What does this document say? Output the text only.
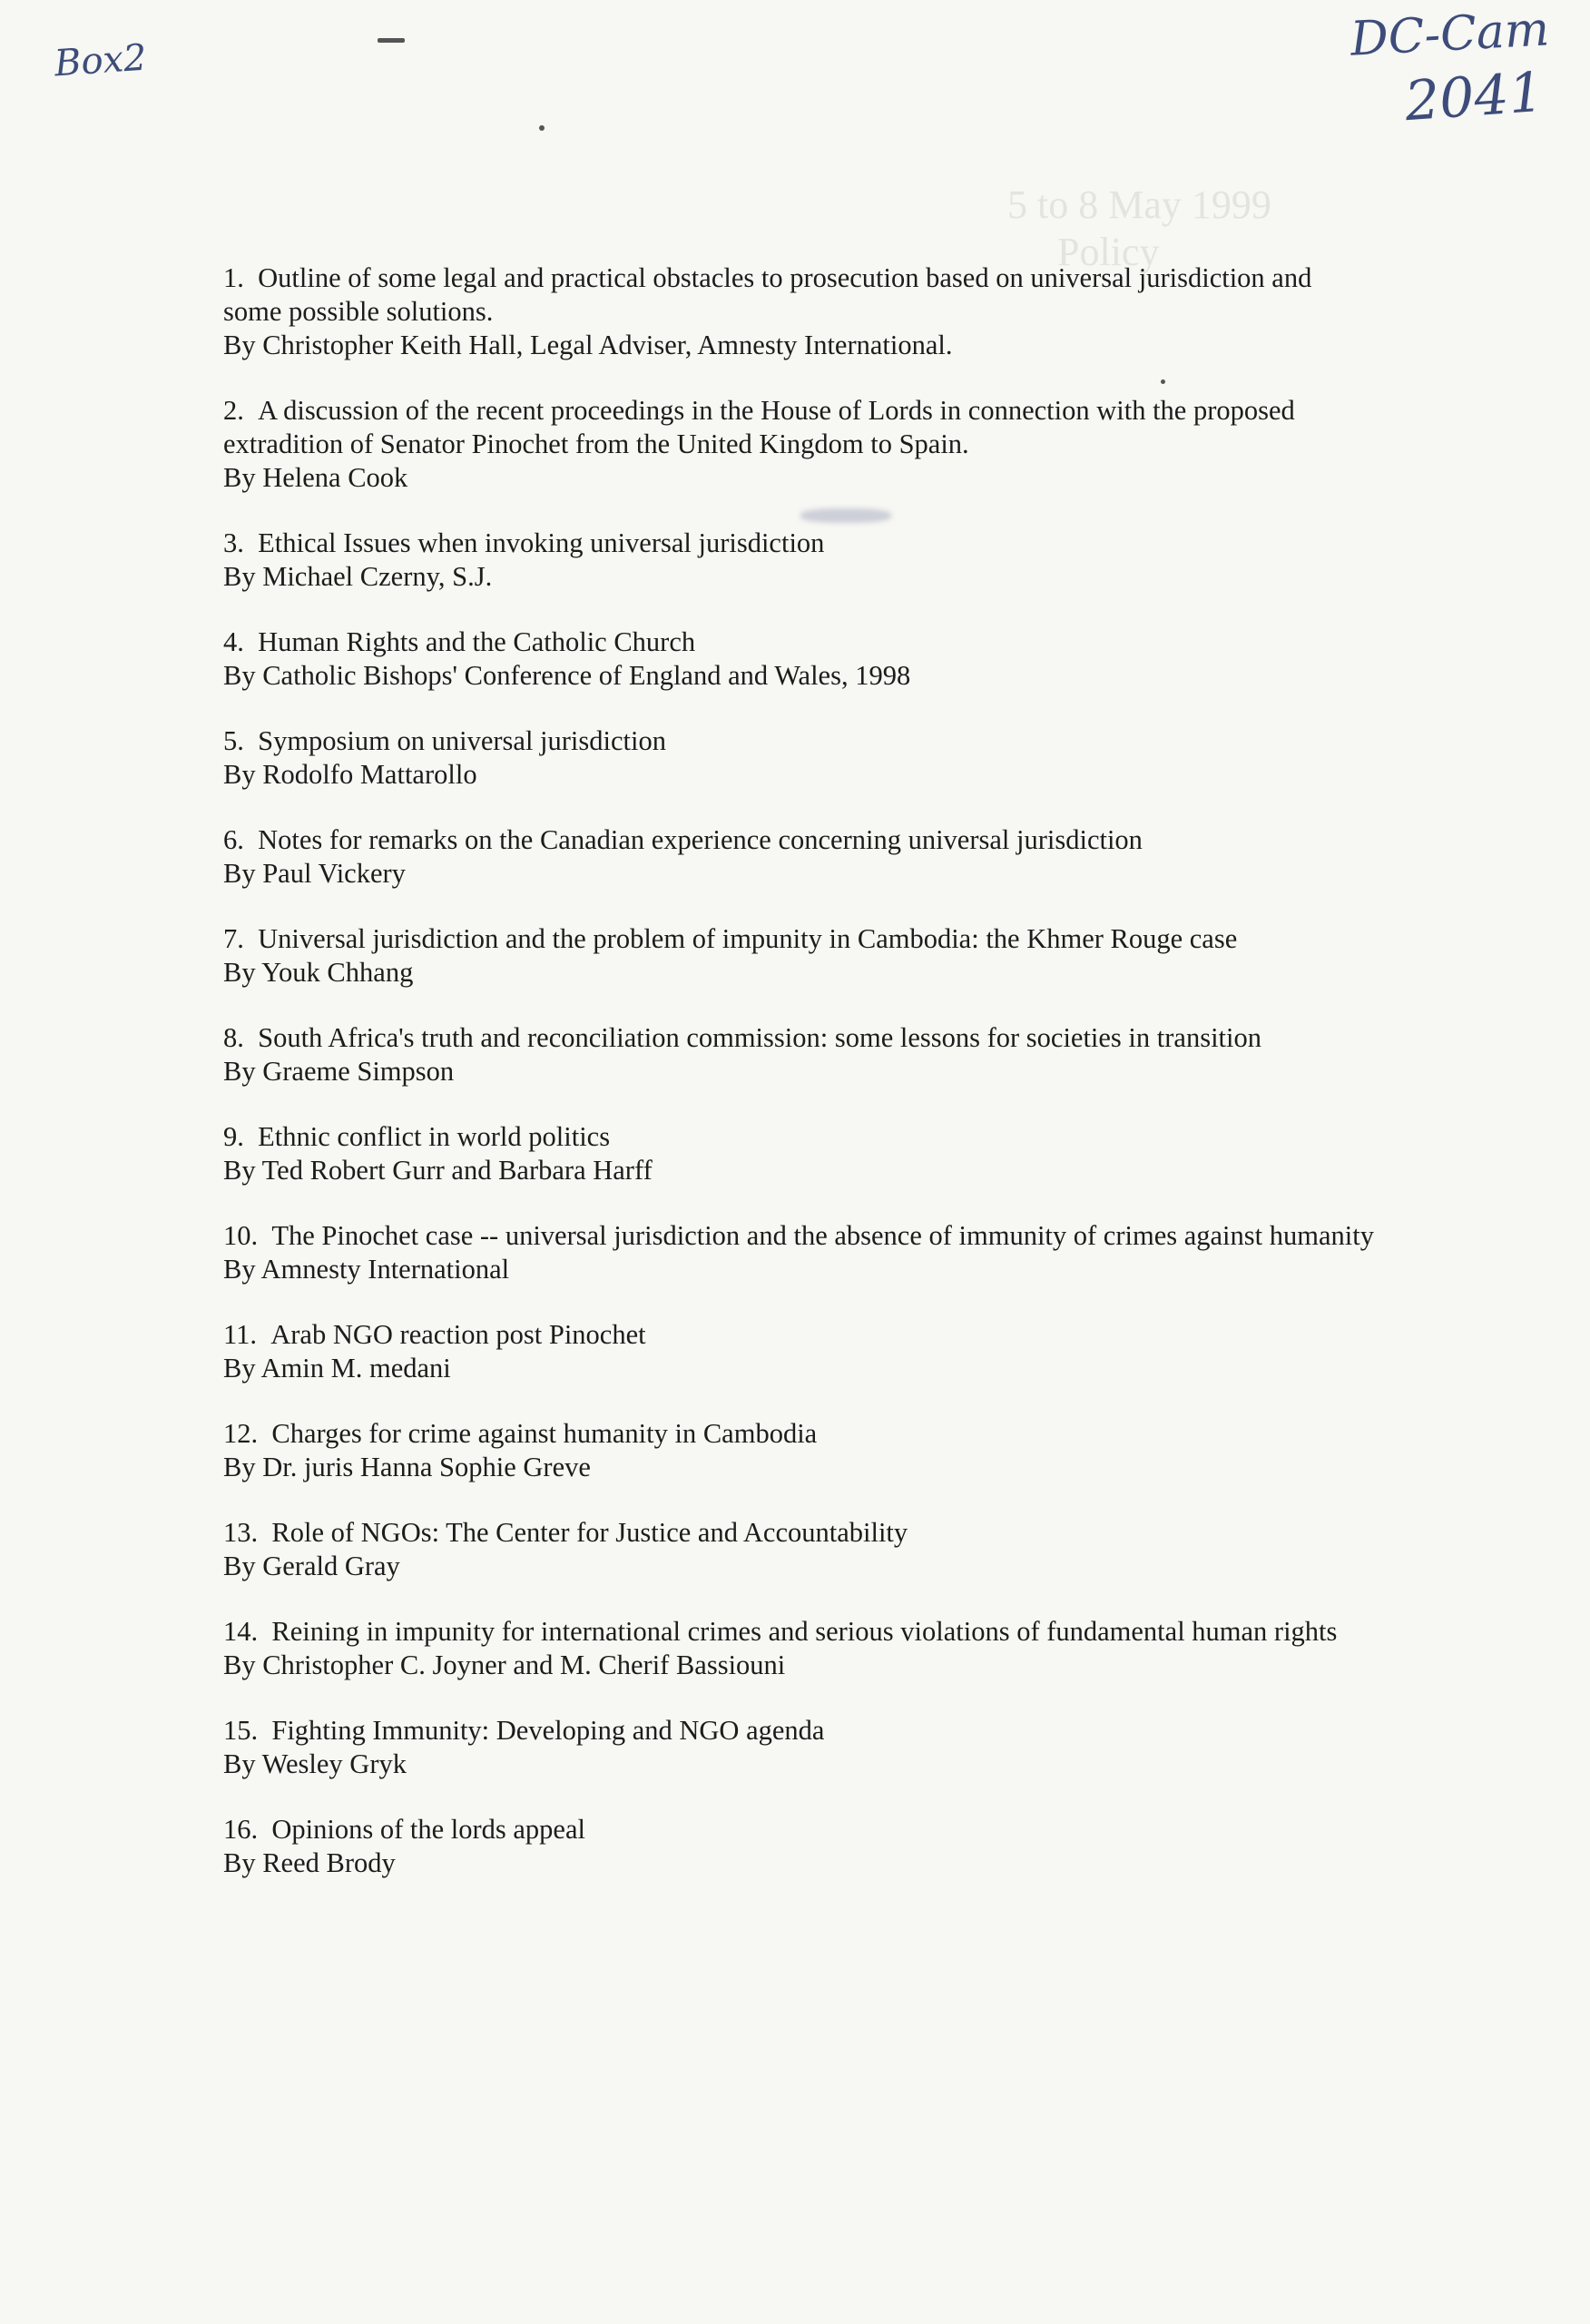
5 to 8 May 1999
Policy
Box2	DC-Cam
2041
1. Outline of some legal and practical obstacles to prosecution based on universal jurisdiction and some possible solutions.
By Christopher Keith Hall, Legal Adviser, Amnesty International.
2. A discussion of the recent proceedings in the House of Lords in connection with the proposed extradition of Senator Pinochet from the United Kingdom to Spain.
By Helena Cook
3. Ethical Issues when invoking universal jurisdiction
By Michael Czerny, S.J.
4. Human Rights and the Catholic Church
By Catholic Bishops' Conference of England and Wales, 1998
5. Symposium on universal jurisdiction
By Rodolfo Mattarollo
6. Notes for remarks on the Canadian experience concerning universal jurisdiction
By Paul Vickery
7. Universal jurisdiction and the problem of impunity in Cambodia: the Khmer Rouge case
By Youk Chhang
8. South Africa's truth and reconciliation commission: some lessons for societies in transition
By Graeme Simpson
9. Ethnic conflict in world politics
By Ted Robert Gurr and Barbara Harff
10. The Pinochet case -- universal jurisdiction and the absence of immunity of crimes against humanity
By Amnesty International
11. Arab NGO reaction post Pinochet
By Amin M. medani
12. Charges for crime against humanity in Cambodia
By Dr. juris Hanna Sophie Greve
13. Role of NGOs: The Center for Justice and Accountability
By Gerald Gray
14. Reining in impunity for international crimes and serious violations of fundamental human rights
By Christopher C. Joyner and M. Cherif Bassiouni
15. Fighting Immunity: Developing and NGO agenda
By Wesley Gryk
16. Opinions of the lords appeal
By Reed Brody
